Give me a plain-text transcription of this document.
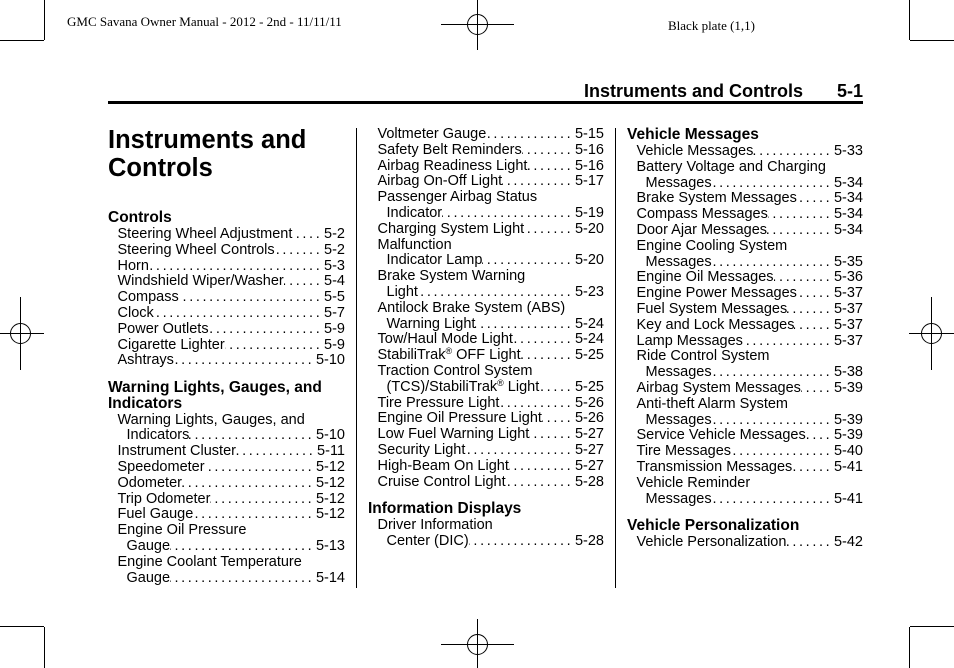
GMC Savana Owner Manual - 2012 - 2nd - 11/11/11	Black plate (1,1)
Instruments and Controls 5-1
Instruments and Controls
Controls
Steering Wheel Adjustment . . . 5-2
Steering Wheel Controls . . .	5-2
Horn . . .	5-3
Windshield Wiper/Washer . . .	5-4
Compass . . .	5-5
Clock . . .	5-7
Power Outlets . . .	5-9
Cigarette Lighter . . .	5-9
Ashtrays . . .	5-10
Warning Lights, Gauges, and Indicators
Warning Lights, Gauges, and
Indicators . . .	5-10
Instrument Cluster . . .	5-11
Speedometer . . .	5-12
Odometer . . .	5-12
Trip Odometer . . .	5-12
Fuel Gauge . . .	5-12
Engine Oil Pressure
Gauge . . .	5-13
Engine Coolant Temperature
Gauge . . .	5-14
Voltmeter Gauge . . .	5-15
Safety Belt Reminders . . .	5-16
Airbag Readiness Light . . .	5-16
Airbag On-Off Light . . .	5-17
Passenger Airbag Status
Indicator . . .	5-19
Charging System Light . . .	5-20
Malfunction
Indicator Lamp . . .	5-20
Brake System Warning
Light . . .	5-23
Antilock Brake System (ABS)
Warning Light . . .	5-24
Tow/Haul Mode Light . . .	5-24
StabiliTrak® OFF Light . . .	5-25
Traction Control System
(TCS)/StabiliTrak® Light . . . 5-25
Tire Pressure Light . . .	5-26
Engine Oil Pressure Light . . . 5-26
Low Fuel Warning Light . . .	5-27
Security Light . . .	5-27
High-Beam On Light . . .	5-27
Cruise Control Light . . .	5-28
Information Displays
Driver Information
Center (DIC) . . .	5-28
Vehicle Messages
Vehicle Messages . . .	5-33
Battery Voltage and Charging
Messages . . .	5-34
Brake System Messages . . .	5-34
Compass Messages . . .	5-34
Door Ajar Messages . . .	5-34
Engine Cooling System
Messages . . .	5-35
Engine Oil Messages . . .	5-36
Engine Power Messages . . .	5-37
Fuel System Messages . . .	5-37
Key and Lock Messages . . .	5-37
Lamp Messages . . .	5-37
Ride Control System
Messages . . .	5-38
Airbag System Messages . . . 5-39
Anti-theft Alarm System
Messages . . .	5-39
Service Vehicle Messages . . . 5-39
Tire Messages . . .	5-40
Transmission Messages . . .	5-41
Vehicle Reminder
Messages . . .	5-41
Vehicle Personalization
Vehicle Personalization . . .	5-42
